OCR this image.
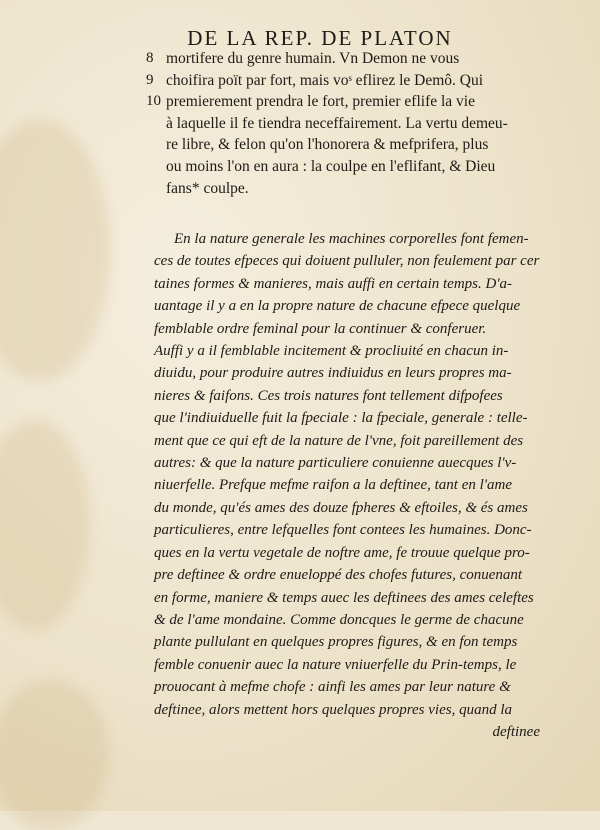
DE LA REP. DE PLATON
8 mortifere du genre humain. Vn Demon ne vous
9 choifira poït par fort, mais voˢ eflirez le Demô. Qui
10 premierement prendra le fort, premier eflife la vie
à laquelle il fe tiendra neceffairement. La vertu demeu-
re libre, & felon qu'on l'honorera & mefprifera, plus
ou moins l'on en aura : la coulpe en l'eflifant, & Dieu
fans* coulpe.
En la nature generale les machines corporelles font femen-
ces de toutes efpeces qui doiuent pulluler, non feulement par cer
taines formes & manieres, mais auffi en certain temps. D'a-
uantage il y a en la propre nature de chacune efpece quelque
femblable ordre feminal pour la continuer & conferuer.
Auffi y a il femblable incitement & procliuité en chacun in-
diuidu, pour produire autres indiuidus en leurs propres ma-
nieres & faifons. Ces trois natures font tellement difpofees
que l'indiuiduelle fuit la fpeciale : la fpeciale, generale : telle-
ment que ce qui eft de la nature de l'vne, foit pareillement des
autres: & que la nature particuliere conuienne auecques l'v-
niuerfelle. Prefque mefme raifon a la deftinee, tant en l'ame
du monde, qu'és ames des douze fpheres & eftoiles, & és ames
particulieres, entre lefquelles font contees les humaines. Donc-
ques en la vertu vegetale de noftre ame, fe trouue quelque pro-
pre deftinee & ordre enueloppé des chofes futures, conuenant
en forme, maniere & temps auec les deftinees des ames celeftes
& de l'ame mondaine. Comme doncques le germe de chacune
plante pullulant en quelques propres figures, & en fon temps
femble conuenir auec la nature vniuerfelle du Prin-temps, le
prouocant à mefme chofe : ainfi les ames par leur nature &
deftinee, alors mettent hors quelques propres vies, quand la
deftinee
